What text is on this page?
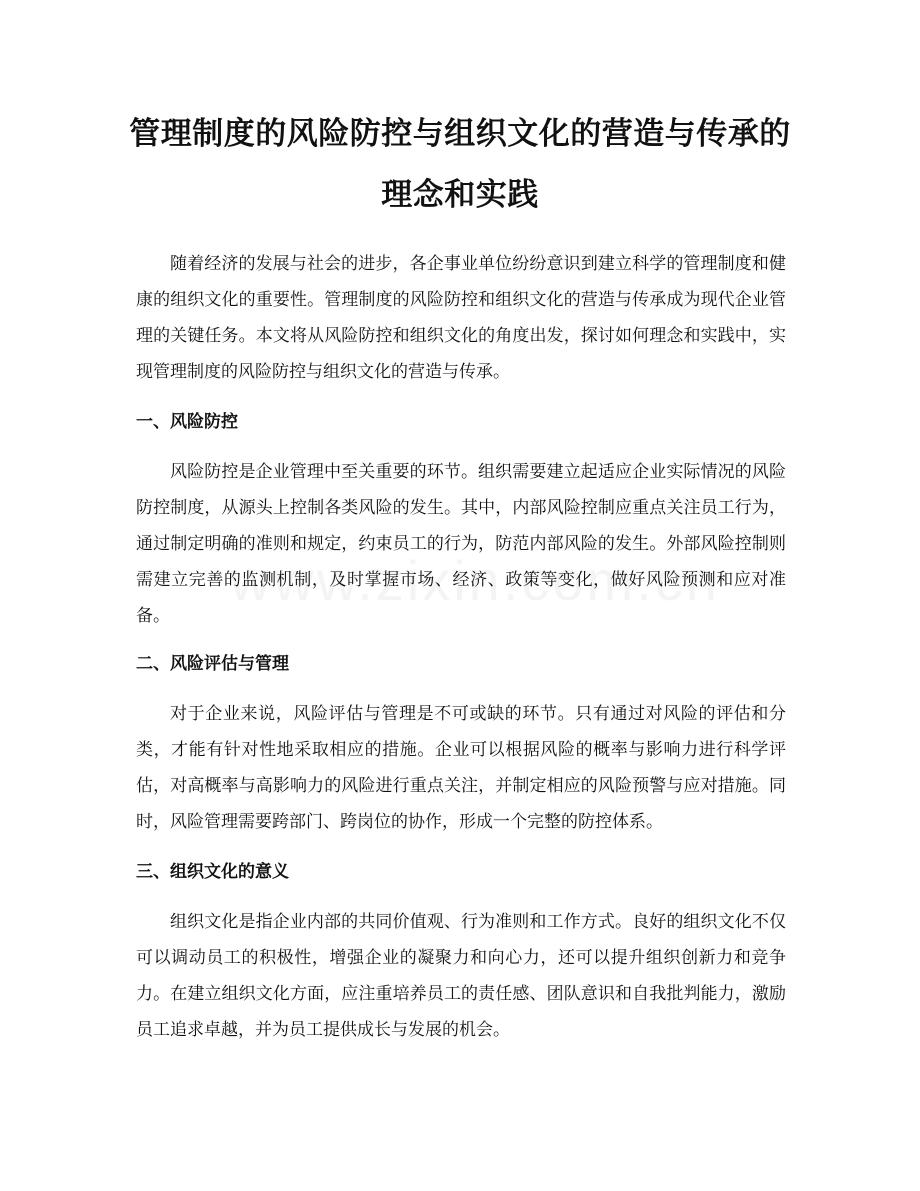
管理制度的风险防控与组织文化的营造与传承的理念和实践

随着经济的发展与社会的进步，各企事业单位纷纷意识到建立科学的管理制度和健康的组织文化的重要性。管理制度的风险防控和组织文化的营造与传承成为现代企业管理的关键任务。本文将从风险防控和组织文化的角度出发，探讨如何理念和实践中，实现管理制度的风险防控与组织文化的营造与传承。

一、风险防控

风险防控是企业管理中至关重要的环节。组织需要建立起适应企业实际情况的风险防控制度，从源头上控制各类风险的发生。其中，内部风险控制应重点关注员工行为，通过制定明确的准则和规定，约束员工的行为，防范内部风险的发生。外部风险控制则需建立完善的监测机制，及时掌握市场、经济、政策等变化，做好风险预测和应对准备。

二、风险评估与管理

对于企业来说，风险评估与管理是不可或缺的环节。只有通过对风险的评估和分类，才能有针对性地采取相应的措施。企业可以根据风险的概率与影响力进行科学评估，对高概率与高影响力的风险进行重点关注，并制定相应的风险预警与应对措施。同时，风险管理需要跨部门、跨岗位的协作，形成一个完整的防控体系。

三、组织文化的意义

组织文化是指企业内部的共同价值观、行为准则和工作方式。良好的组织文化不仅可以调动员工的积极性，增强企业的凝聚力和向心力，还可以提升组织创新力和竞争力。在建立组织文化方面，应注重培养员工的责任感、团队意识和自我批判能力，激励员工追求卓越，并为员工提供成长与发展的机会。
